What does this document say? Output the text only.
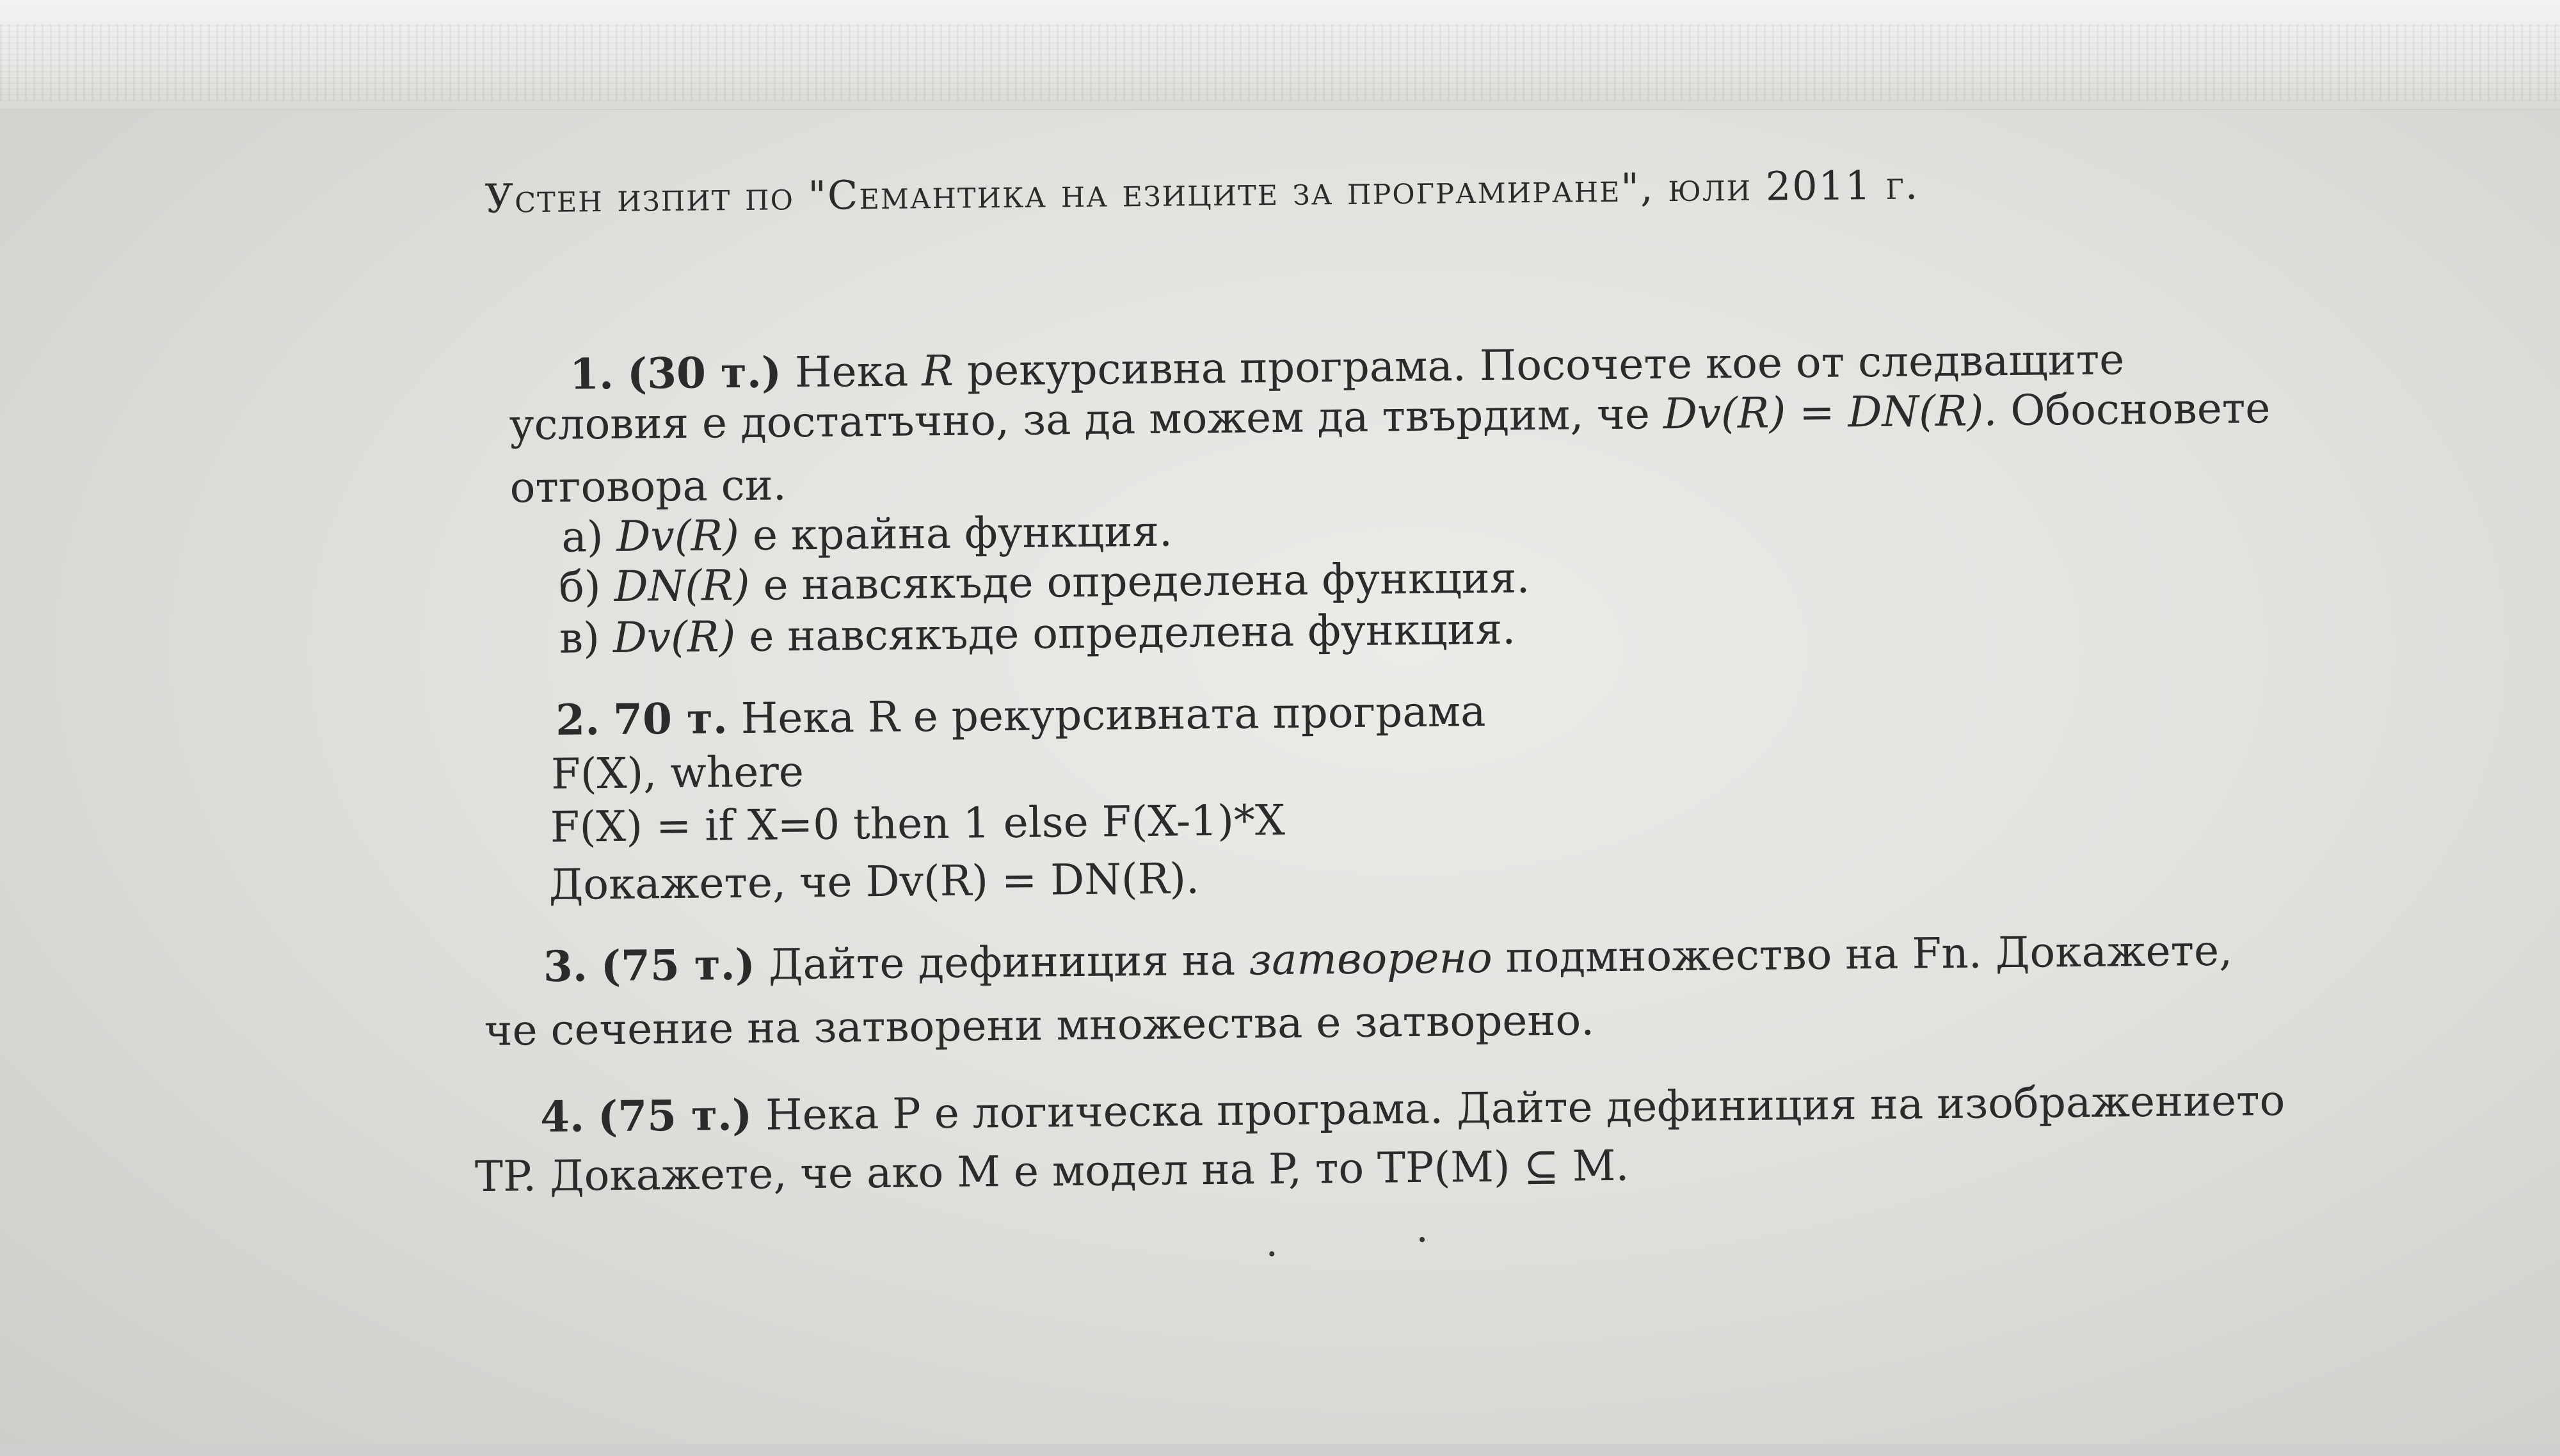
Устен изпит по "Семантика на езиците за програмиране", юли 2011 г.
1. (30 т.) Нека R рекурсивна програма. Посочете кое от следващите
условия е достатъчно, за да можем да твърдим, че Dv(R) = DN(R). Обосновете
отговора си.
а) Dv(R) е крайна функция.
б) DN(R) е навсякъде определена функция.
в) Dv(R) е навсякъде определена функция.
2. 70 т. Нека R е рекурсивната програма
F(X), where
F(X) = if X=0 then 1 else F(X-1)*X
Докажете, че Dv(R) = DN(R).
3. (75 т.) Дайте дефиниция на затворено подмножество на Fn. Докажете,
че сечение на затворени множества е затворено.
4. (75 т.) Нека P е логическа програма. Дайте дефиниция на изображението
TP. Докажете, че ако M е модел на P, то TP(M) ⊆ M.
